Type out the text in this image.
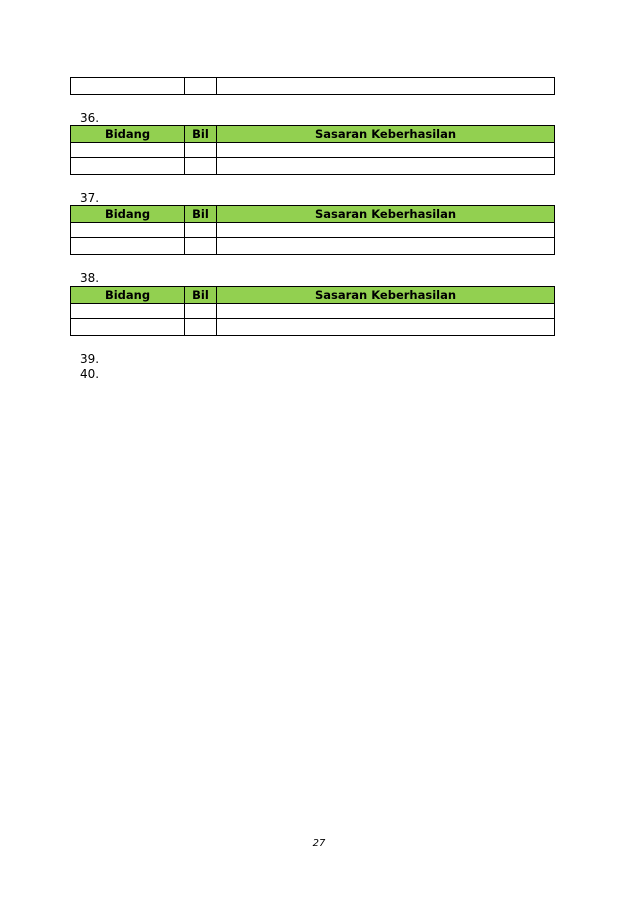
36.
Bidang	Bil	Sasaran Keberhasilan

37.
Bidang	Bil	Sasaran Keberhasilan

38.
Bidang	Bil	Sasaran Keberhasilan

39.
40.
27
